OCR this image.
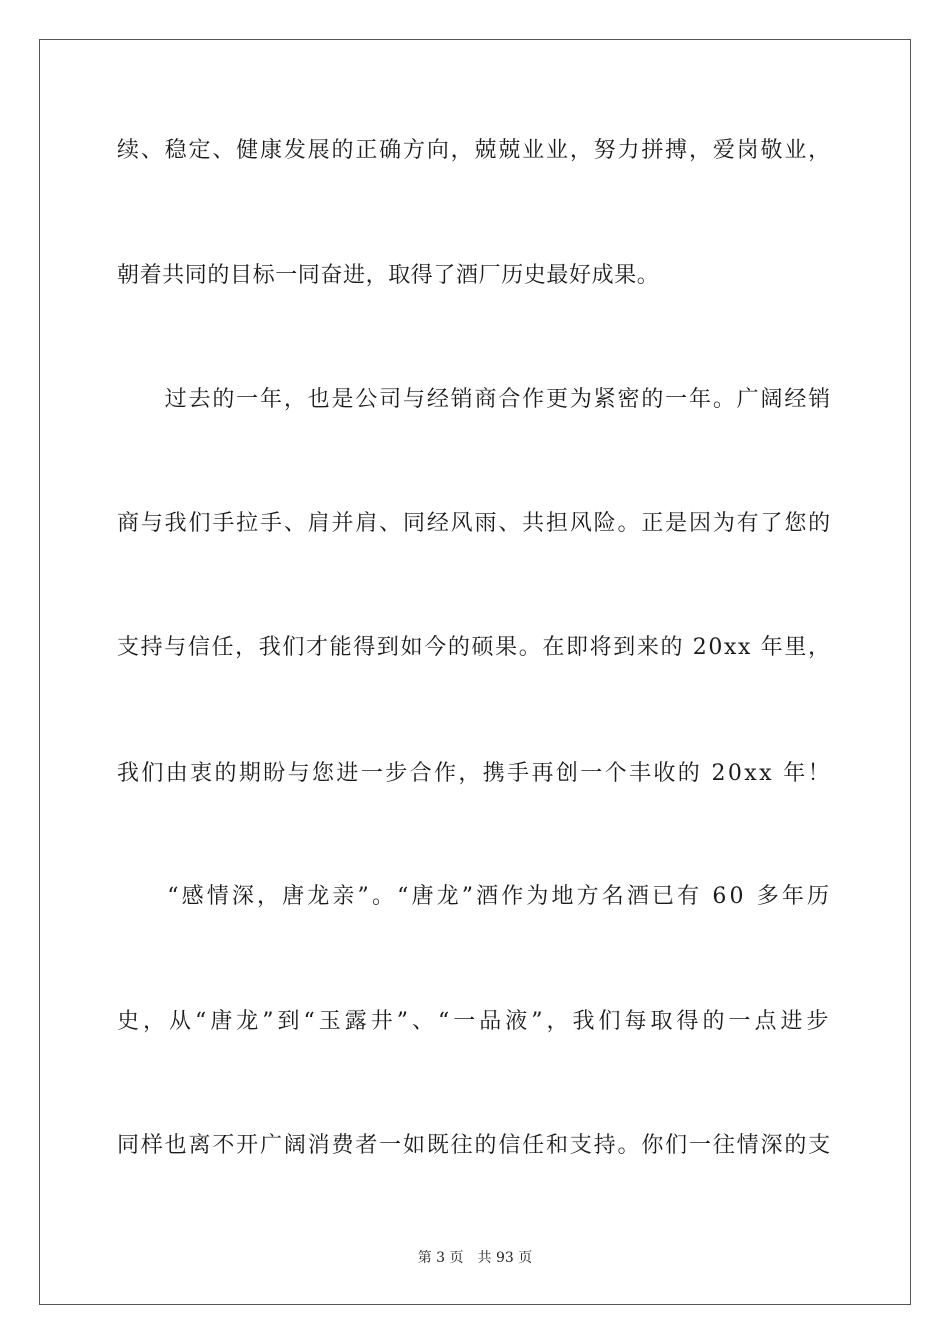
续、稳定、健康发展的正确方向，兢兢业业，努力拼搏，爱岗敬业，
朝着共同的目标一同奋进，取得了酒厂历史最好成果。
　　过去的一年，也是公司与经销商合作更为紧密的一年。广阔经销
商与我们手拉手、肩并肩、同经风雨、共担风险。正是因为有了您的
支持与信任，我们才能得到如今的硕果。在即将到来的 20xx 年里，
我们由衷的期盼与您进一步合作，携手再创一个丰收的 20xx 年！
　　“感情深，唐龙亲”。“唐龙”酒作为地方名酒已有 60 多年历
史，从“唐龙”到“玉露井”、“一品液”，我们每取得的一点进步
同样也离不开广阔消费者一如既往的信任和支持。你们一往情深的支
第 3 页 共 93 页
